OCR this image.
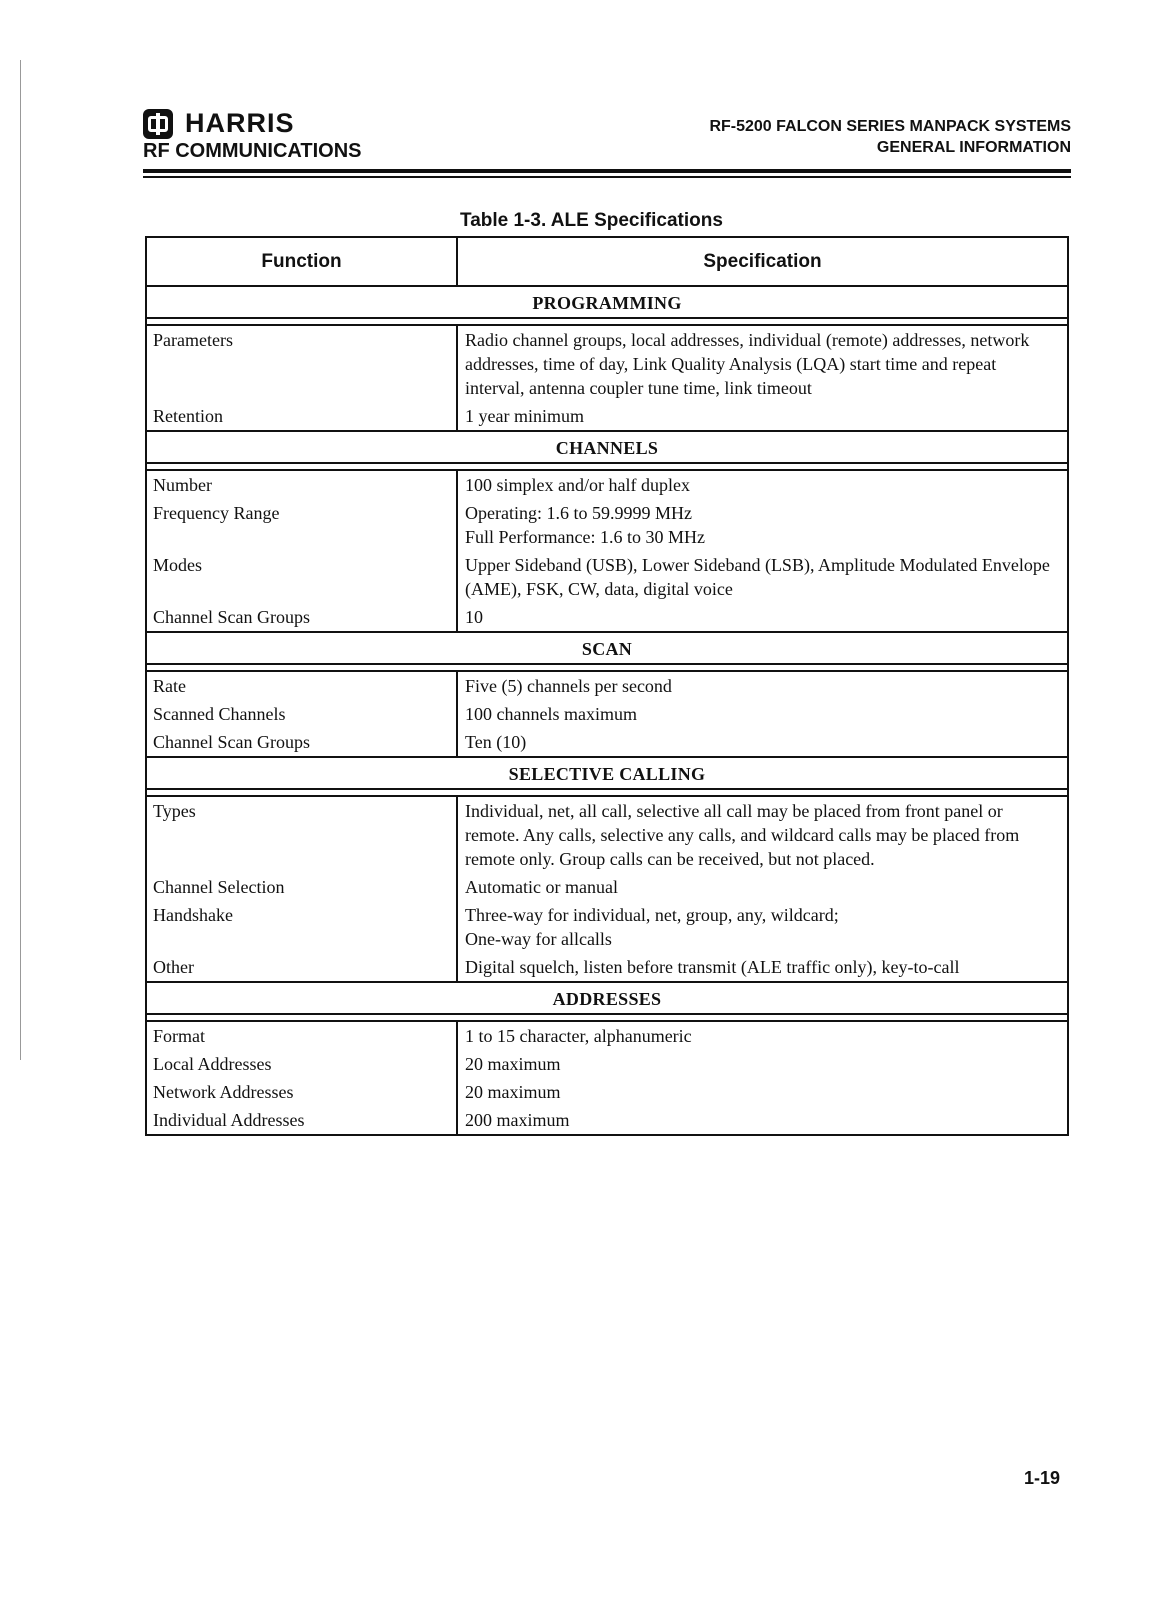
HARRIS
RF COMMUNICATIONS
RF-5200 FALCON SERIES MANPACK SYSTEMS
GENERAL INFORMATION
Table 1-3. ALE Specifications
Function	Specification
PROGRAMMING
Parameters	Radio channel groups, local addresses, individual (remote) addresses, network addresses, time of day, Link Quality Analysis (LQA) start time and repeat interval, antenna coupler tune time, link timeout
Retention	1 year minimum
CHANNELS
Number	100 simplex and/or half duplex
Frequency Range	Operating: 1.6 to 59.9999 MHz
Full Performance: 1.6 to 30 MHz
Modes	Upper Sideband (USB), Lower Sideband (LSB), Amplitude Modulated Envelope (AME), FSK, CW, data, digital voice
Channel Scan Groups	10
SCAN
Rate	Five (5) channels per second
Scanned Channels	100 channels maximum
Channel Scan Groups	Ten (10)
SELECTIVE CALLING
Types	Individual, net, all call, selective all call may be placed from front panel or remote. Any calls, selective any calls, and wildcard calls may be placed from remote only. Group calls can be received, but not placed.
Channel Selection	Automatic or manual
Handshake	Three-way for individual, net, group, any, wildcard;
One-way for allcalls
Other	Digital squelch, listen before transmit (ALE traffic only), key-to-call
ADDRESSES
Format	1 to 15 character, alphanumeric
Local Addresses	20 maximum
Network Addresses	20 maximum
Individual Addresses	200 maximum
1-19
